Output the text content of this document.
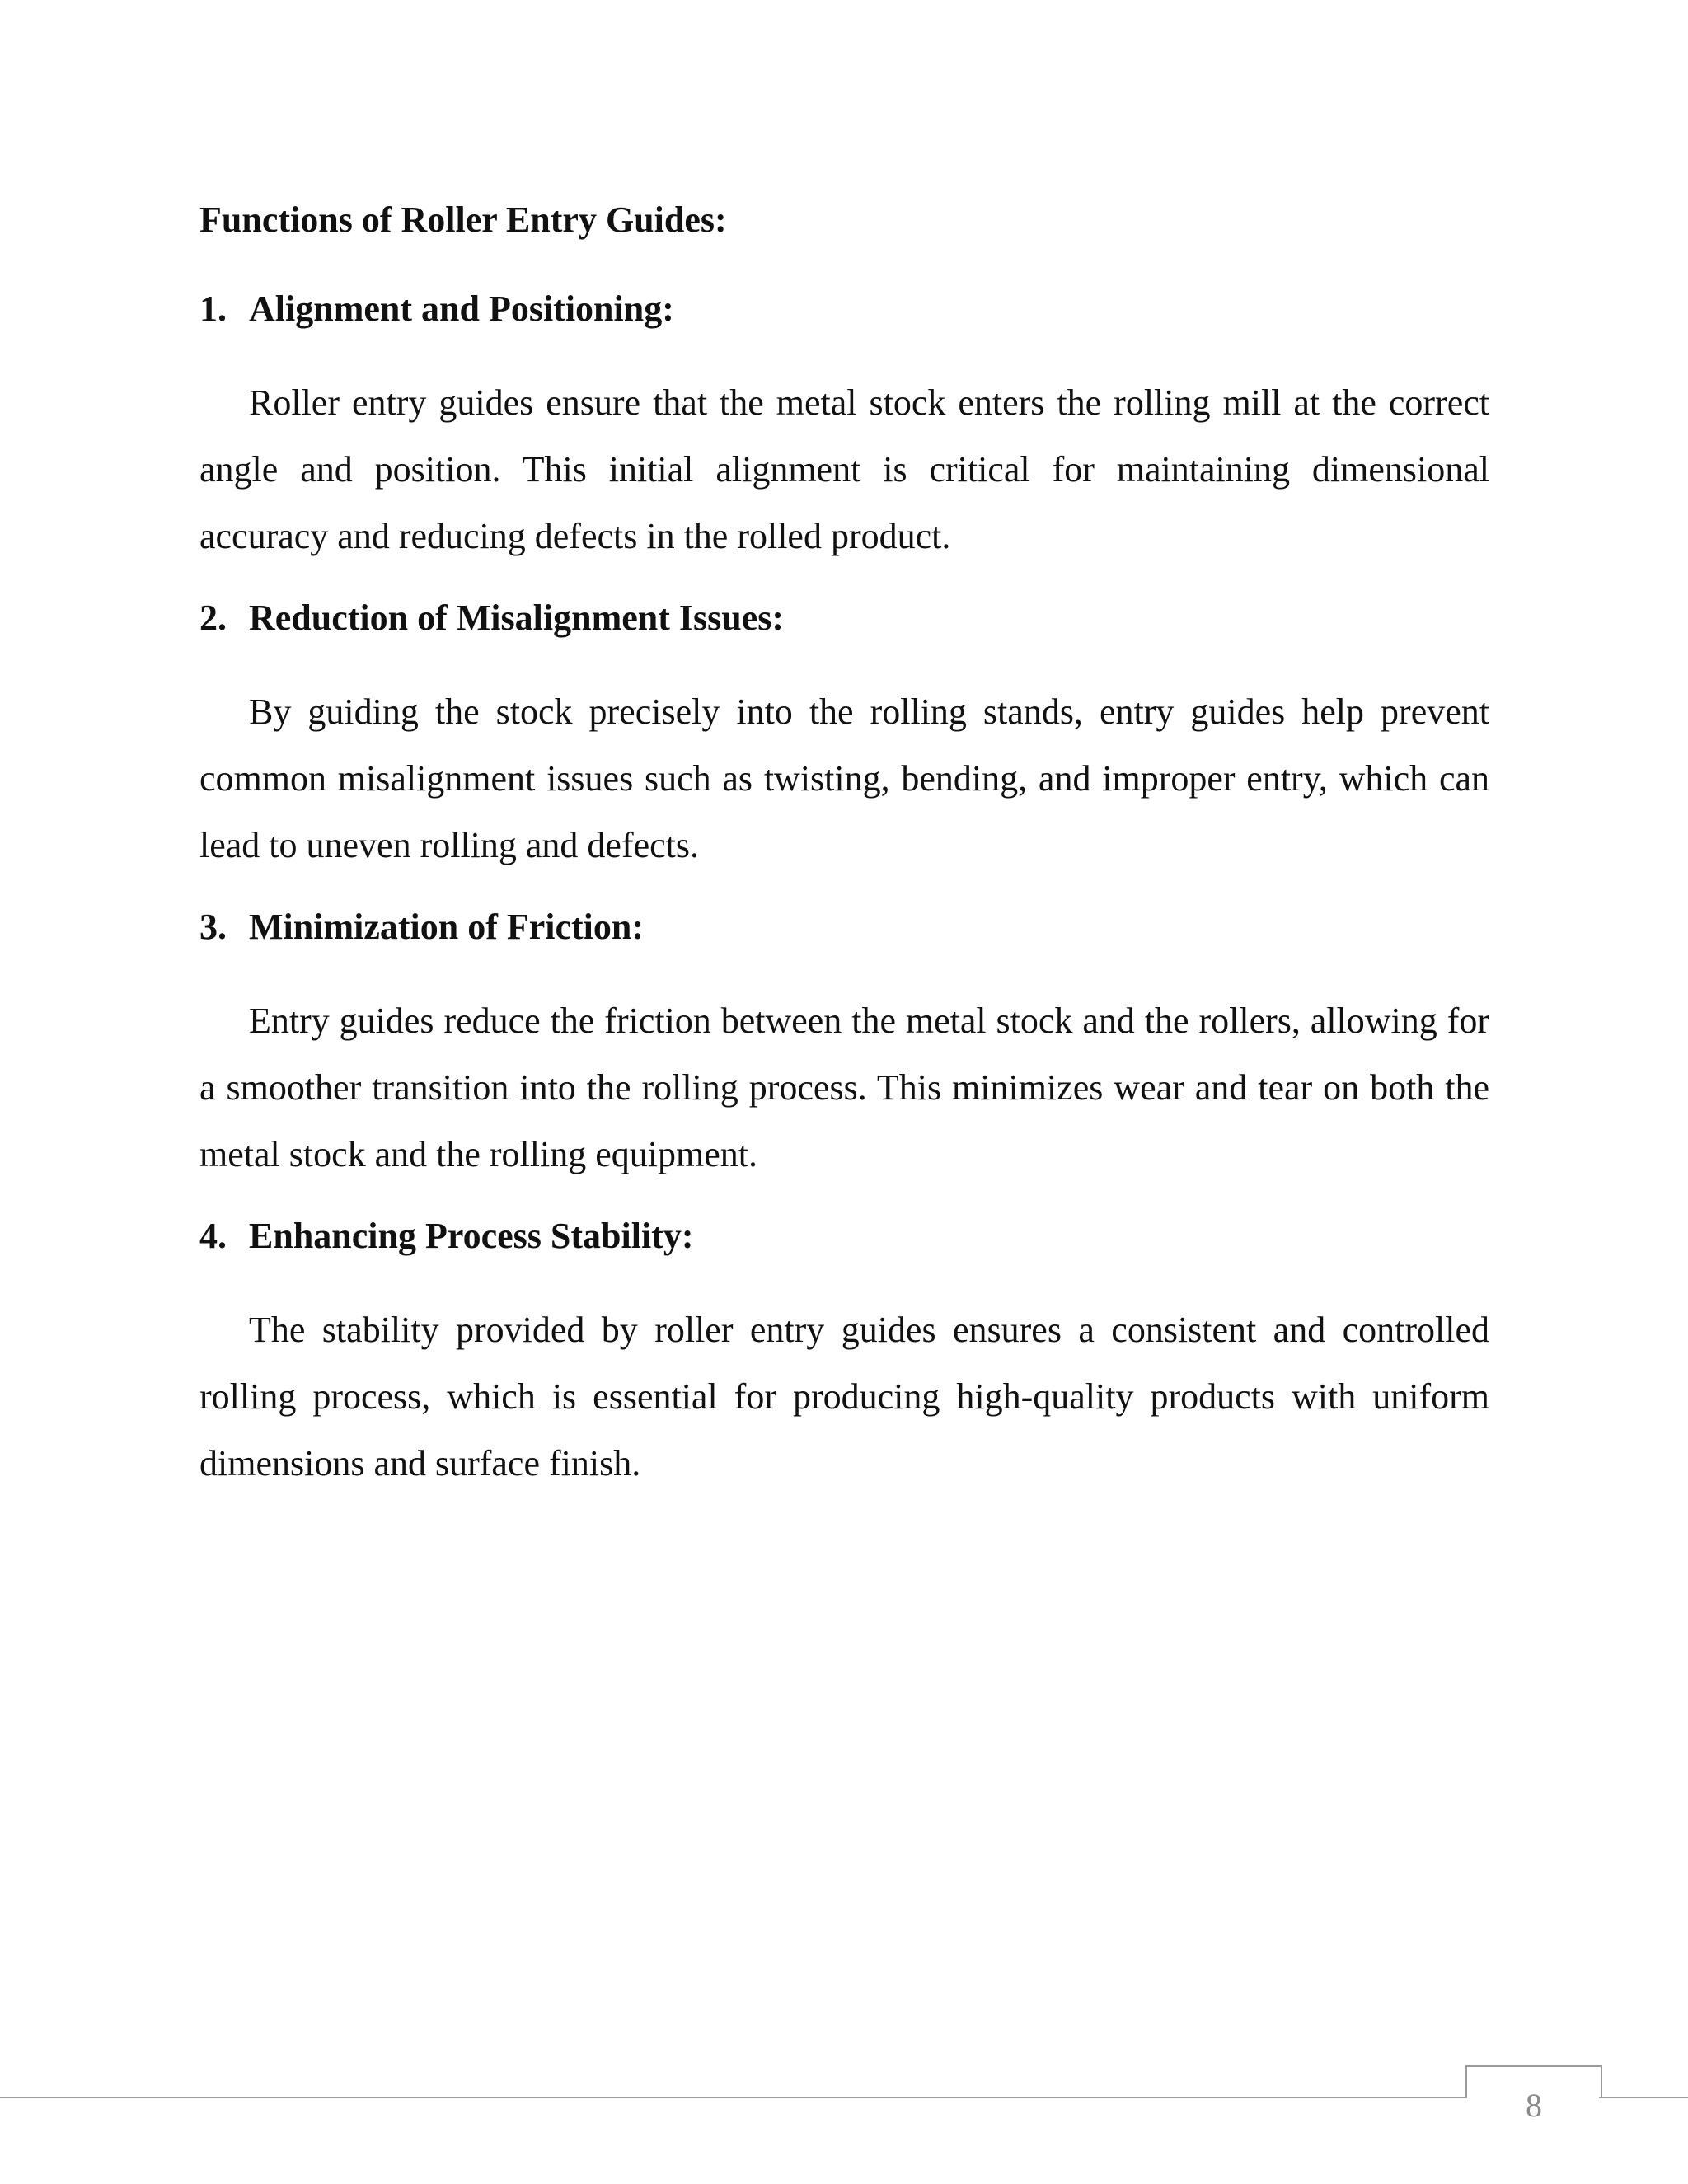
Functions of Roller Entry Guides:
1. Alignment and Positioning:

Roller entry guides ensure that the metal stock enters the rolling mill at the correct angle and position. This initial alignment is critical for maintaining dimensional accuracy and reducing defects in the rolled product.

2. Reduction of Misalignment Issues:

By guiding the stock precisely into the rolling stands, entry guides help prevent common misalignment issues such as twisting, bending, and improper entry, which can lead to uneven rolling and defects.

3. Minimization of Friction:

Entry guides reduce the friction between the metal stock and the rollers, allowing for a smoother transition into the rolling process. This minimizes wear and tear on both the metal stock and the rolling equipment.

4. Enhancing Process Stability:

The stability provided by roller entry guides ensures a consistent and controlled rolling process, which is essential for producing high-quality products with uniform dimensions and surface finish.

8
